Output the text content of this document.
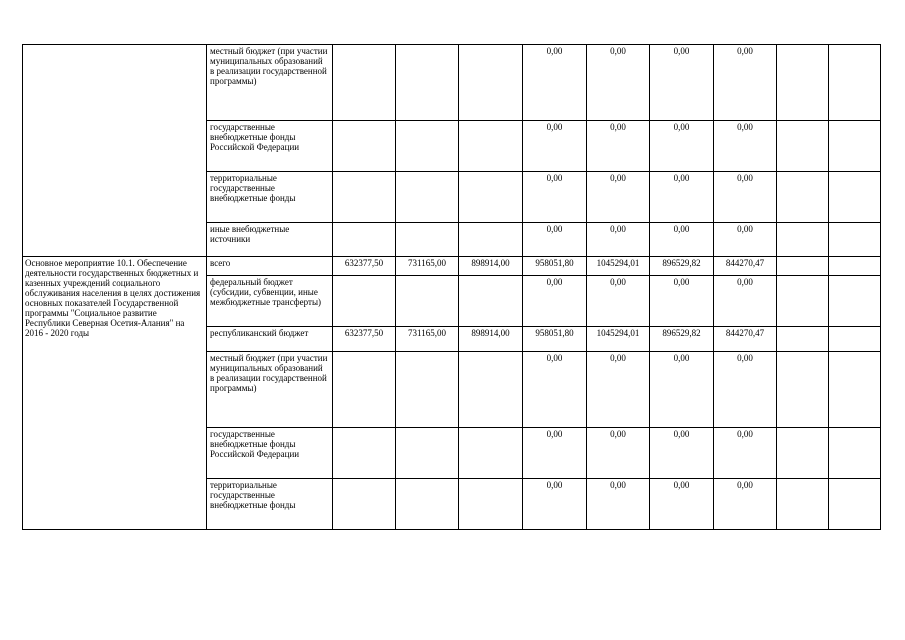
	местный бюджет (при участии муниципальных образований в реализации государственной программы)				0,00	0,00	0,00	0,00		
	государственные внебюджетные фонды Российской Федерации				0,00	0,00	0,00	0,00		
	территориальные государственные внебюджетные фонды				0,00	0,00	0,00	0,00		
	иные внебюджетные источники				0,00	0,00	0,00	0,00		
Основное мероприятие 10.1. Обеспечение деятельности государственных бюджетных и казенных учреждений социального обслуживания населения в целях достижения основных показателей Государственной программы "Социальное развитие Республики Северная Осетия-Алания" на 2016 - 2020 годы	всего	632377,50	731165,00	898914,00	958051,80	1045294,01	896529,82	844270,47		
	федеральный бюджет (субсидии, субвенции, иные межбюджетные трансферты)				0,00	0,00	0,00	0,00		
	республиканский бюджет	632377,50	731165,00	898914,00	958051,80	1045294,01	896529,82	844270,47		
	местный бюджет (при участии муниципальных образований в реализации государственной программы)				0,00	0,00	0,00	0,00		
	государственные внебюджетные фонды Российской Федерации				0,00	0,00	0,00	0,00		
	территориальные государственные внебюджетные фонды				0,00	0,00	0,00	0,00		
